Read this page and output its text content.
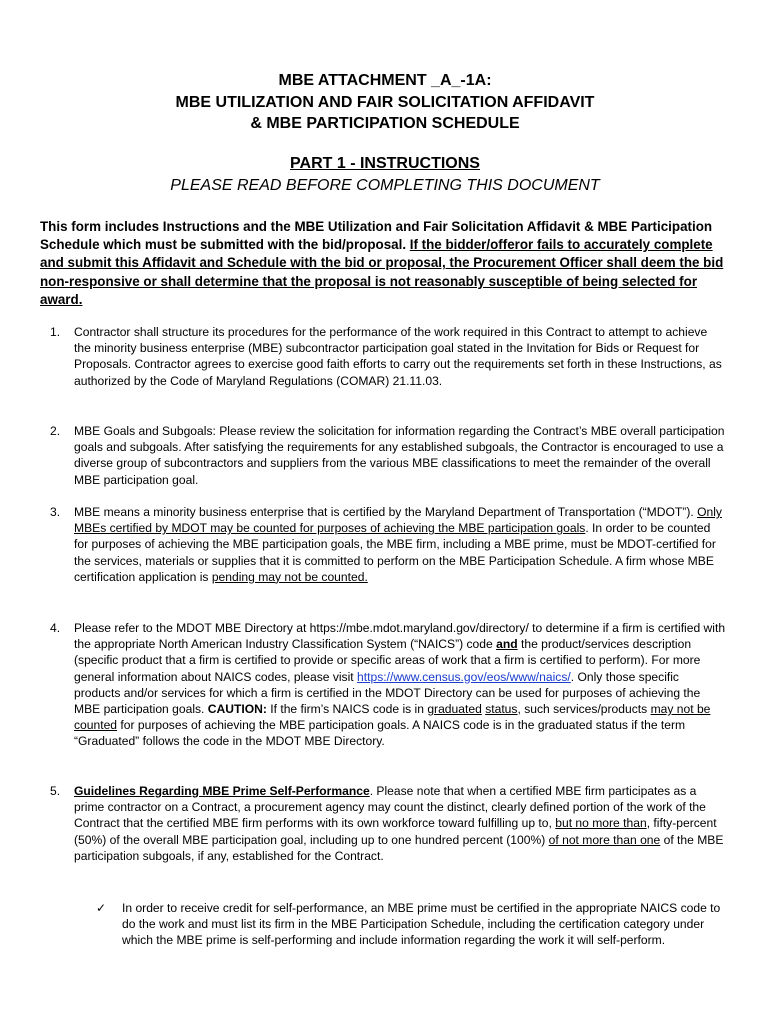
MBE ATTACHMENT _A_-1A:
MBE UTILIZATION AND FAIR SOLICITATION AFFIDAVIT
& MBE PARTICIPATION SCHEDULE
PART 1 - INSTRUCTIONS
PLEASE READ BEFORE COMPLETING THIS DOCUMENT
This form includes Instructions and the MBE Utilization and Fair Solicitation Affidavit & MBE Participation Schedule which must be submitted with the bid/proposal. If the bidder/offeror fails to accurately complete and submit this Affidavit and Schedule with the bid or proposal, the Procurement Officer shall deem the bid non-responsive or shall determine that the proposal is not reasonably susceptible of being selected for award.
1.	Contractor shall structure its procedures for the performance of the work required in this Contract to attempt to achieve the minority business enterprise (MBE) subcontractor participation goal stated in the Invitation for Bids or Request for Proposals. Contractor agrees to exercise good faith efforts to carry out the requirements set forth in these Instructions, as authorized by the Code of Maryland Regulations (COMAR) 21.11.03.
2.	MBE Goals and Subgoals: Please review the solicitation for information regarding the Contract’s MBE overall participation goals and subgoals. After satisfying the requirements for any established subgoals, the Contractor is encouraged to use a diverse group of subcontractors and suppliers from the various MBE classifications to meet the remainder of the overall MBE participation goal.
3.	MBE means a minority business enterprise that is certified by the Maryland Department of Transportation (“MDOT”). Only MBEs certified by MDOT may be counted for purposes of achieving the MBE participation goals. In order to be counted for purposes of achieving the MBE participation goals, the MBE firm, including a MBE prime, must be MDOT-certified for the services, materials or supplies that it is committed to perform on the MBE Participation Schedule. A firm whose MBE certification application is pending may not be counted.
4.	Please refer to the MDOT MBE Directory at https://mbe.mdot.maryland.gov/directory/ to determine if a firm is certified with the appropriate North American Industry Classification System (“NAICS”) code and the product/services description (specific product that a firm is certified to provide or specific areas of work that a firm is certified to perform). For more general information about NAICS codes, please visit https://www.census.gov/eos/www/naics/. Only those specific products and/or services for which a firm is certified in the MDOT Directory can be used for purposes of achieving the MBE participation goals. CAUTION: If the firm’s NAICS code is in graduated status, such services/products may not be counted for purposes of achieving the MBE participation goals. A NAICS code is in the graduated status if the term “Graduated” follows the code in the MDOT MBE Directory.
5.	Guidelines Regarding MBE Prime Self-Performance. Please note that when a certified MBE firm participates as a prime contractor on a Contract, a procurement agency may count the distinct, clearly defined portion of the work of the Contract that the certified MBE firm performs with its own workforce toward fulfilling up to, but no more than, fifty-percent (50%) of the overall MBE participation goal, including up to one hundred percent (100%) of not more than one of the MBE participation subgoals, if any, established for the Contract.
✓	In order to receive credit for self-performance, an MBE prime must be certified in the appropriate NAICS code to do the work and must list its firm in the MBE Participation Schedule, including the certification category under which the MBE prime is self-performing and include information regarding the work it will self-perform.
